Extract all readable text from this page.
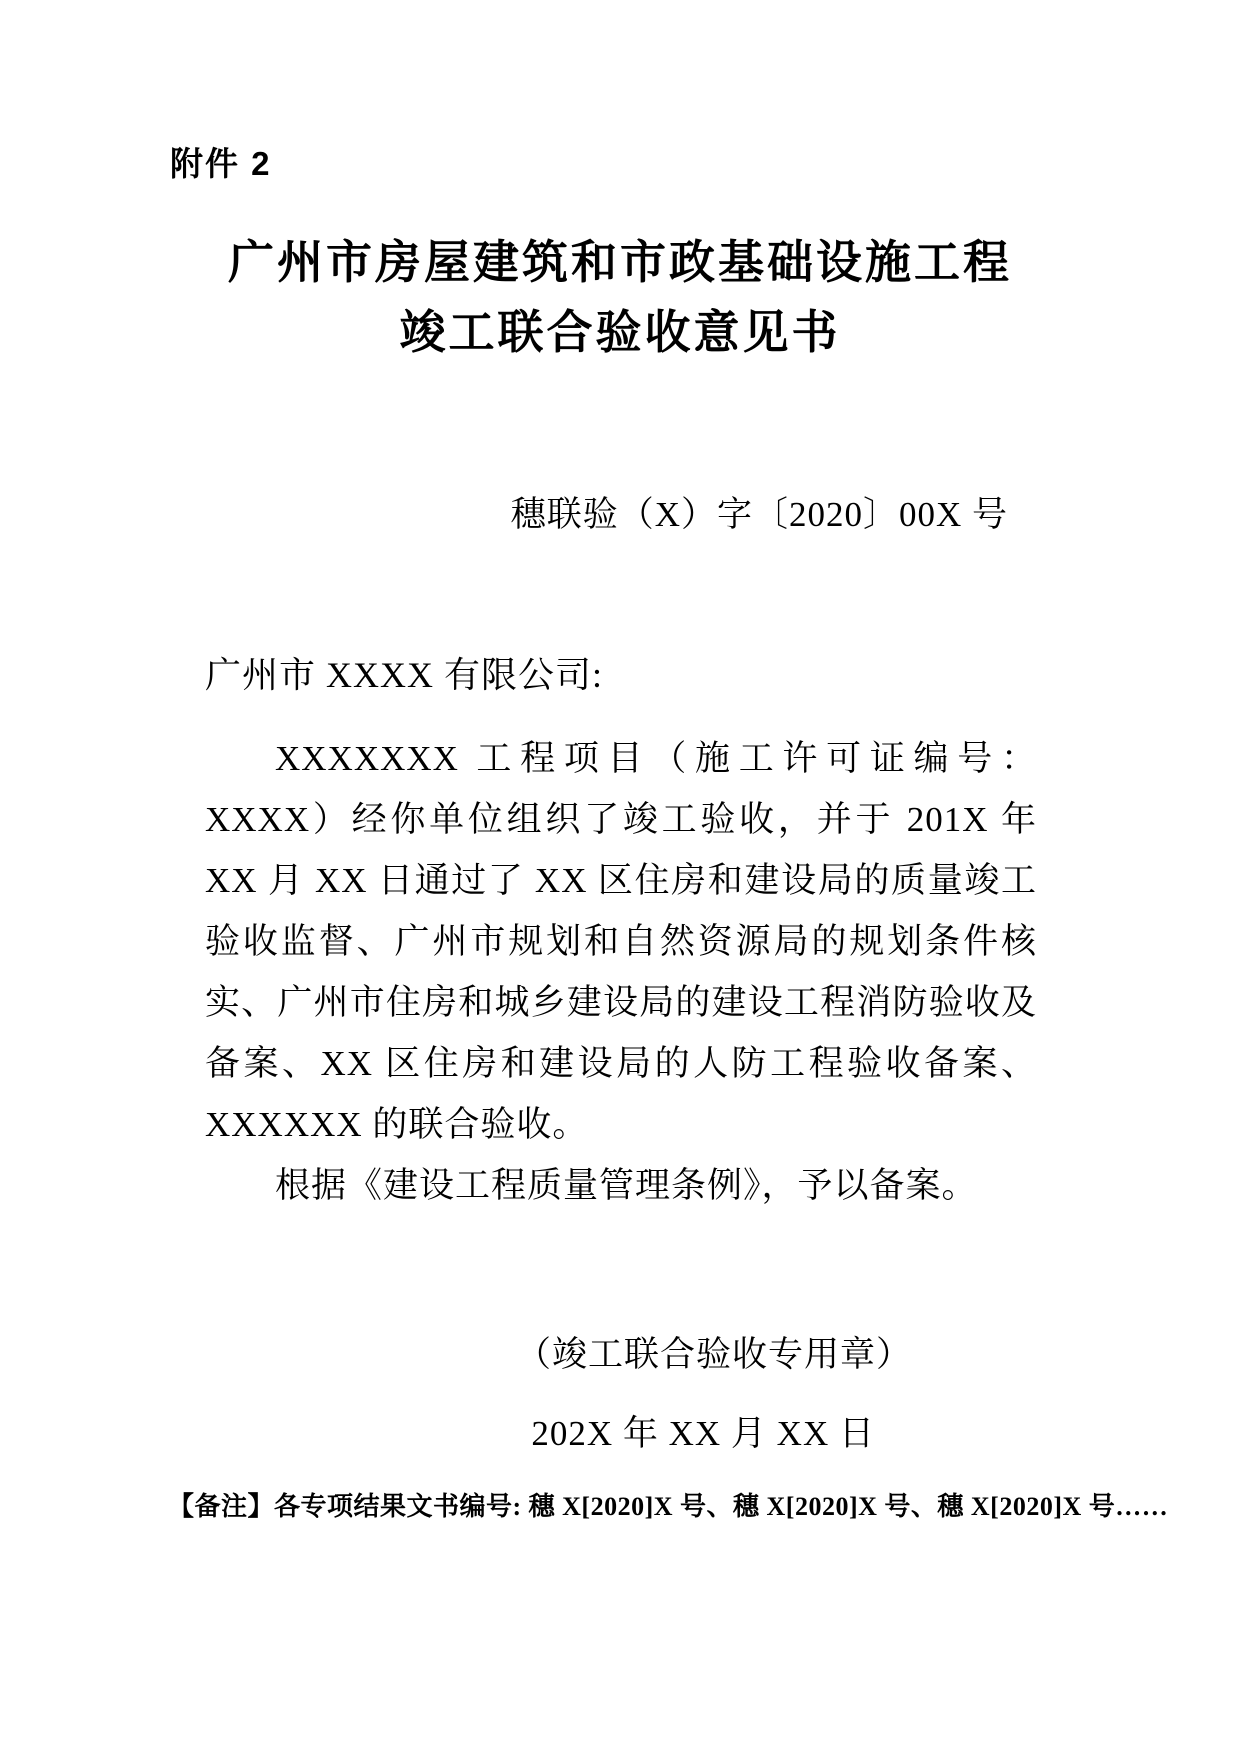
附件 2
广州市房屋建筑和市政基础设施工程
竣工联合验收意见书
穗联验（X）字〔2020〕00X 号
广州市 XXXX 有限公司:

XXXXXXX 工程项目（施工许可证编号：XXXX）经你单位组织了竣工验收，并于 201X 年 XX 月 XX 日通过了 XX 区住房和建设局的质量竣工验收监督、广州市规划和自然资源局的规划条件核实、广州市住房和城乡建设局的建设工程消防验收及备案、XX 区住房和建设局的人防工程验收备案、XXXXXX 的联合验收。

根据《建设工程质量管理条例》，予以备案。

（竣工联合验收专用章）
202X 年 XX 月 XX 日
【备注】各专项结果文书编号: 穗 X[2020]X 号、穗 X[2020]X 号、穗 X[2020]X 号……
